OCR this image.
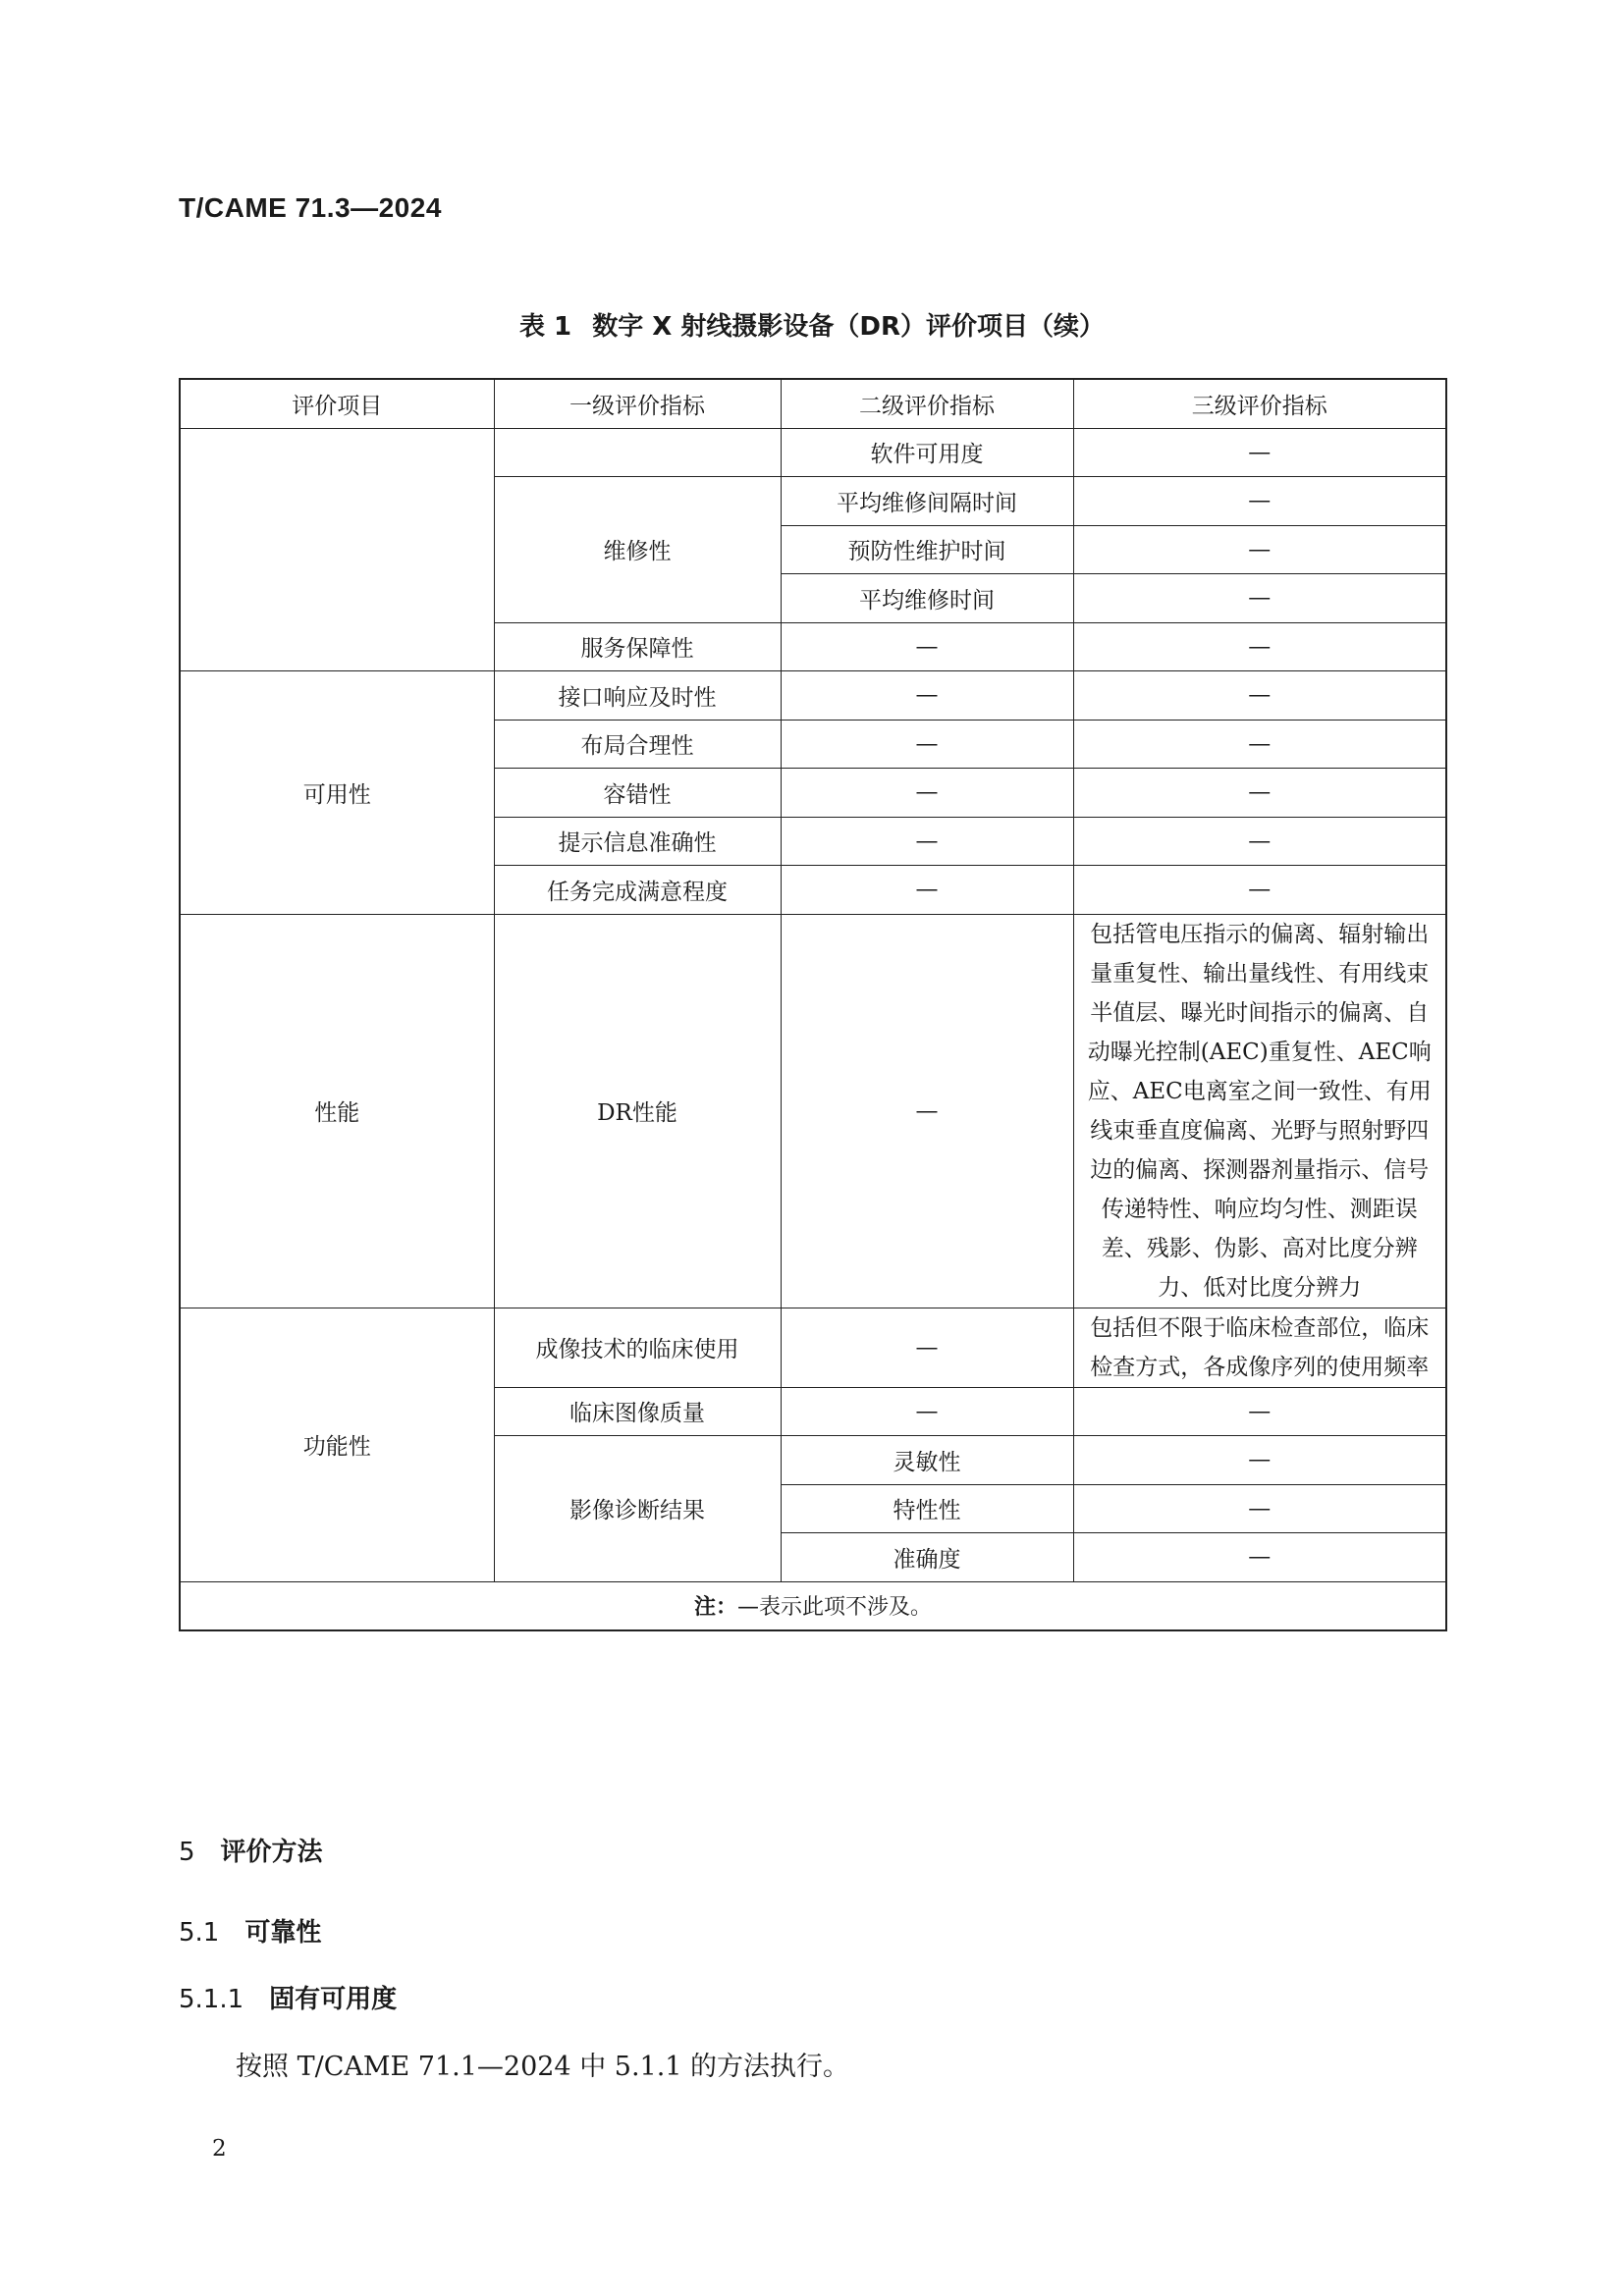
T/CAME 71.3—2024
表 1 数字 X 射线摄影设备（DR）评价项目（续）
评价项目	一级评价指标	二级评价指标	三级评价指标
		软件可用度	—
	维修性	平均维修间隔时间	—
		预防性维护时间	—
		平均维修时间	—
	服务保障性	—	—
可用性	接口响应及时性	—	—
	布局合理性	—	—
	容错性	—	—
	提示信息准确性	—	—
	任务完成满意程度	—	—
性能	DR性能	—	包括管电压指示的偏离、辐射输出量重复性、输出量线性、有用线束半值层、曝光时间指示的偏离、自动曝光控制(AEC)重复性、AEC响应、AEC电离室之间一致性、有用线束垂直度偏离、光野与照射野四边的偏离、探测器剂量指示、信号传递特性、响应均匀性、测距误差、残影、伪影、高对比度分辨力、低对比度分辨力
功能性	成像技术的临床使用	—	包括但不限于临床检查部位，临床检查方式，各成像序列的使用频率
	临床图像质量	—	—
	影像诊断结果	灵敏性	—
		特性性	—
		准确度	—
注：—表示此项不涉及。			
5 评价方法
5.1 可靠性
5.1.1 固有可用度
按照 T/CAME 71.1—2024 中 5.1.1 的方法执行。
2
